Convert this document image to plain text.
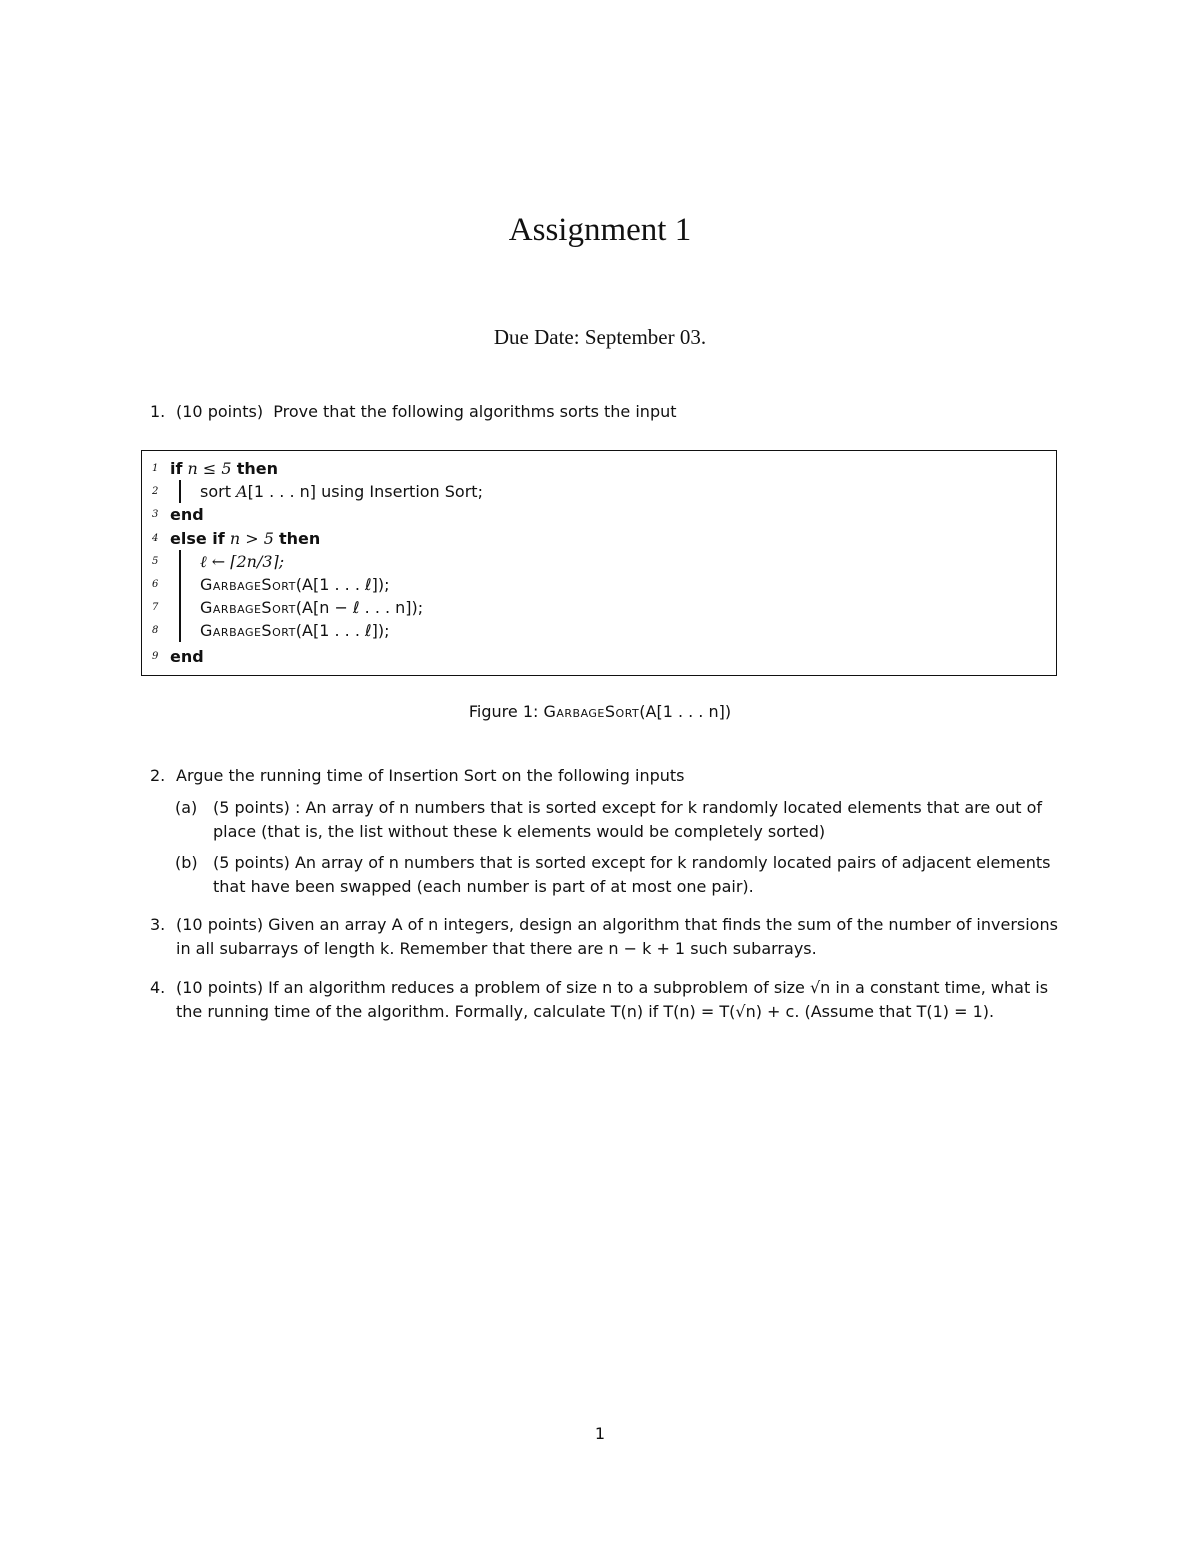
Assignment 1
Due Date: September 03.
1. (10 points) Prove that the following algorithms sorts the input
1 if n ≤ 5 then
2	sort A[1 . . . n] using Insertion Sort;
3 end
4 else if n > 5 then
5	ℓ ← ⌈2n/3⌉;
6	GarbageSort(A[1 . . . ℓ]);
7	GarbageSort(A[n − ℓ . . . n]);
8	GarbageSort(A[1 . . . ℓ]);
9 end
Figure 1: GarbageSort(A[1 . . . n])
2. Argue the running time of Insertion Sort on the following inputs
(a) (5 points) : An array of n numbers that is sorted except for k randomly located elements that are out of place (that is, the list without these k elements would be completely sorted)
(b) (5 points) An array of n numbers that is sorted except for k randomly located pairs of adjacent elements that have been swapped (each number is part of at most one pair).
3. (10 points) Given an array A of n integers, design an algorithm that finds the sum of the number of inversions in all subarrays of length k. Remember that there are n − k + 1 such subarrays.
4. (10 points) If an algorithm reduces a problem of size n to a subproblem of size √n in a constant time, what is the running time of the algorithm. Formally, calculate T(n) if T(n) = T(√n) + c. (Assume that T(1) = 1).
1
